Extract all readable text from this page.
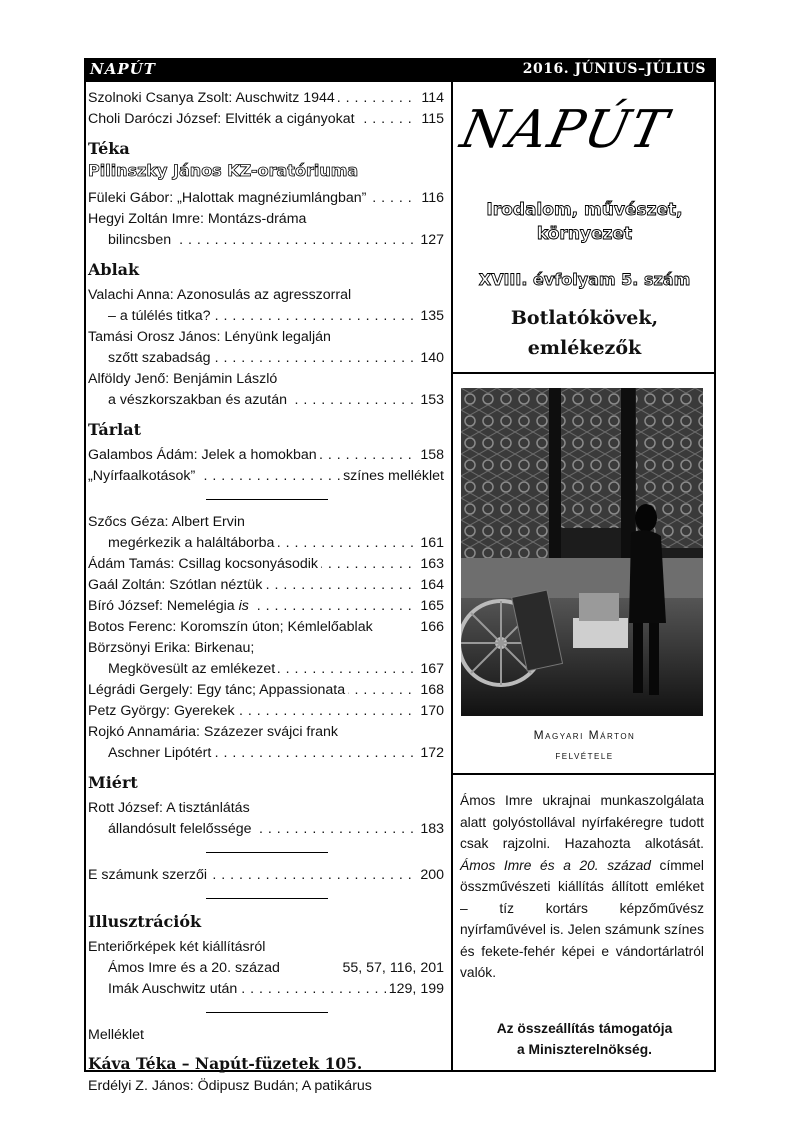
NAPÚT	2016. JÚNIUS–JÚLIUS
Szolnoki Csanya Zsolt: Auschwitz 1944	114
. . .
Choli Daróczi József: Elvitték a cigányokat	115
. . .
Téka
Pilinszky János KZ-oratóriuma
Füleki Gábor: „Halottak magnéziumlángban”	116
. . .
Hegyi Zoltán Imre: Montázs-dráma
bilincsben	127
. . .
Ablak
Valachi Anna: Azonosulás az agresszorral
– a túlélés titka?	135
. . .
Tamási Orosz János: Lényünk legalján
szőtt szabadság	140
. . .
Alföldy Jenő: Benjámin László
a vészkorszakban és azután	153
. . .
Tárlat
Galambos Ádám: Jelek a homokban	158
. . .
„Nyírfaalkotások”	színes melléklet
. . .
Szőcs Géza: Albert Ervin
megérkezik a haláltáborba	161
. . .
Ádám Tamás: Csillag kocsonyásodik	163
. . .
Gaál Zoltán: Szótlan néztük	164
. . .
Bíró József: Nemelégia is	165
. . .
Botos Ferenc: Koromszín úton; Kémlelőablak	166
Börzsönyi Erika: Birkenau;
Megkövesült az emlékezet	167
. . .
Légrádi Gergely: Egy tánc; Appassionata	168
. . .
Petz György: Gyerekek	170
. . .
Rojkó Annamária: Százezer svájci frank
Aschner Lipótért	172
. . .
Miért
Rott József: A tisztánlátás
állandósult felelőssége	183
. . .
E számunk szerzői	200
. . .
Illusztrációk
Enteriőrképek két kiállításról
Ámos Imre és a 20. század	55, 57, 116, 201
Imák Auschwitz után	129, 199
. . .
Melléklet
Káva Téka – Napút-füzetek 105.
Erdélyi Z. János: Ödipusz Budán; A patikárus
NAPÚT
Irodalom, művészet,
környezet
XVIII. évfolyam 5. szám
Botlatókövek,
emlékezők
Magyari Márton
felvétele
Ámos Imre ukrajnai munkaszolgálata alatt golyóstollával nyírfakéregre tudott csak rajzolni. Hazahozta alkotását. Ámos Imre és a 20. század címmel összművészeti kiállítás állított emléket – tíz kortárs képzőművész nyírfaművével is. Jelen számunk színes és fekete-fehér képei e vándortárlatról valók.
Az összeállítás támogatója
a Miniszterelnökség.
